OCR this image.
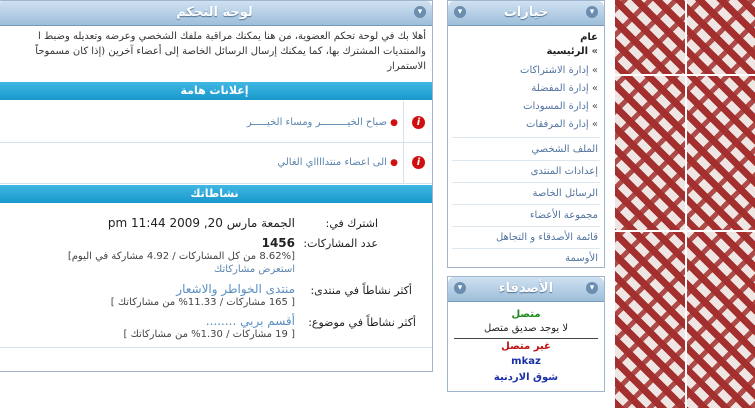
▾
لوحة التحكم
أهلا بك في لوحة تحكم العضوية، من هنا يمكنك مراقبة ملفك الشخصي وعرضه وتعديله وضبط ا
والمنتديات المشترك بها، كما يمكنك إرسال الرسائل الخاصة إلى أعضاء آخرين (إذا كان مسموحاً
الاستمرار
إعلانات هامة
i
● صباح الخيـــــــــر ومساء الخيـــــر
i
● الى اعضاء منتدااااي الغالي
نشاطاتك
اشترك في:
الجمعة مارس 20, 2009 11:44 pm
عدد المشاركات:
1456
[8.62% من كل المشاركات / 4.92 مشاركة في اليوم]
استعرض مشاركاتك
أكثر نشاطاً في منتدى:
منتدى الخواطر والاشعار
[ 165 مشاركات / 11.33% من مشاركاتك ]
أكثر نشاطاً في موضوع:
أقسم بربي ........
[ 19 مشاركات / 1.30% من مشاركاتك ]
▾
▾	خيارات
عام
» الرئيسية
» إدارة الاشتراكات
» إدارة المفضلة
» إدارة المسودات
» إدارة المرفقات
الملف الشخصي
إعدادات المنتدى
الرسائل الخاصة
مجموعة الأعضاء
قائمة الأصدقاء و التجاهل
الأوسمة
▾
▾	الأصدقاء
متصل
لا يوجد صديق متصل
غير متصل
mkaz
شوق الاردنية
